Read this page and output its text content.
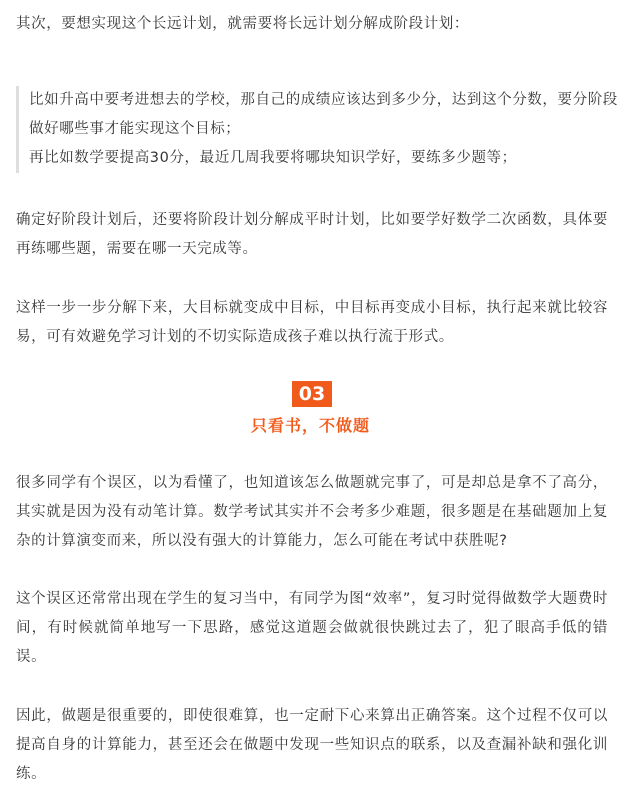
其次，要想实现这个长远计划，就需要将长远计划分解成阶段计划：

比如升高中要考进想去的学校，那自己的成绩应该达到多少分，达到这个分数，要分阶段做好哪些事才能实现这个目标；

再比如数学要提高30分，最近几周我要将哪块知识学好，要练多少题等；

确定好阶段计划后，还要将阶段计划分解成平时计划，比如要学好数学二次函数，具体要再练哪些题，需要在哪一天完成等。

这样一步一步分解下来，大目标就变成中目标，中目标再变成小目标，执行起来就比较容易，可有效避免学习计划的不切实际造成孩子难以执行流于形式。

03
只看书，不做题

很多同学有个误区，以为看懂了，也知道该怎么做题就完事了，可是却总是拿不了高分，其实就是因为没有动笔计算。数学考试其实并不会考多少难题，很多题是在基础题加上复杂的计算演变而来，所以没有强大的计算能力，怎么可能在考试中获胜呢?

这个误区还常常出现在学生的复习当中，有同学为图“效率”，复习时觉得做数学大题费时间，有时候就简单地写一下思路，感觉这道题会做就很快跳过去了，犯了眼高手低的错误。

因此，做题是很重要的，即使很难算，也一定耐下心来算出正确答案。这个过程不仅可以提高自身的计算能力，甚至还会在做题中发现一些知识点的联系，以及查漏补缺和强化训练。
